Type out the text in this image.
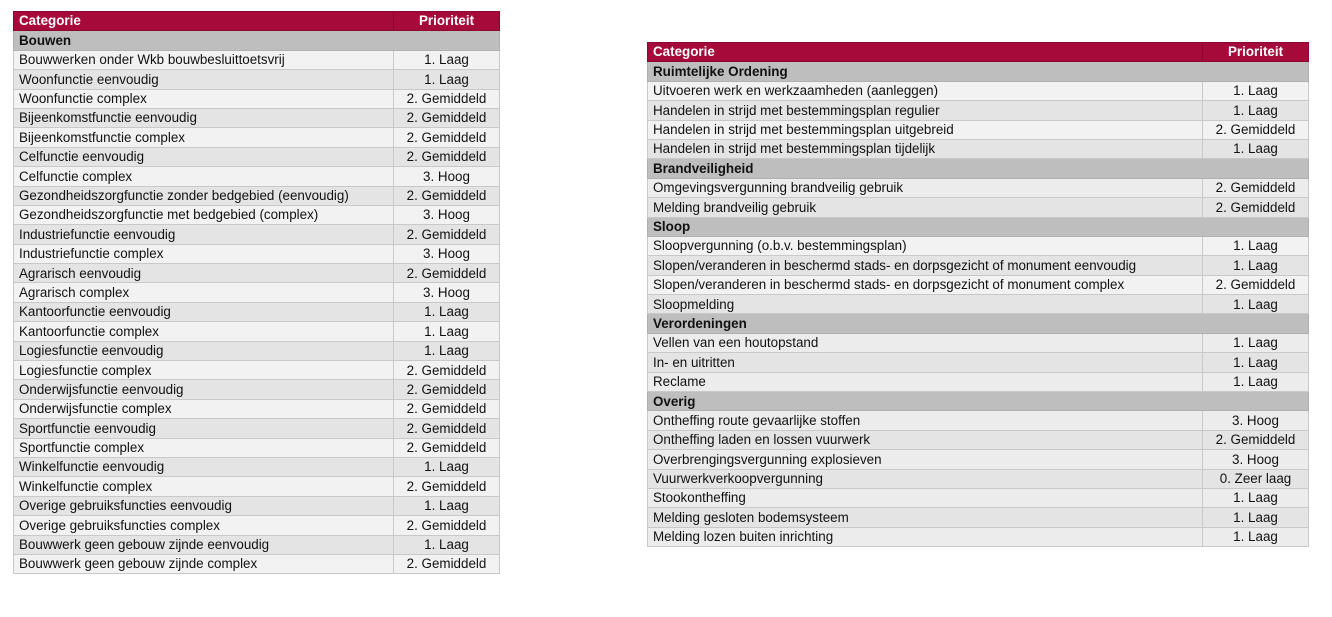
Categorie	Prioriteit
Bouwen	
Bouwwerken onder Wkb bouwbesluittoetsvrij	1. Laag
Woonfunctie eenvoudig	1. Laag
Woonfunctie complex	2. Gemiddeld
Bijeenkomstfunctie eenvoudig	2. Gemiddeld
Bijeenkomstfunctie complex	2. Gemiddeld
Celfunctie eenvoudig	2. Gemiddeld
Celfunctie complex	3. Hoog
Gezondheidszorgfunctie zonder bedgebied (eenvoudig)	2. Gemiddeld
Gezondheidszorgfunctie met bedgebied (complex)	3. Hoog
Industriefunctie eenvoudig	2. Gemiddeld
Industriefunctie complex	3. Hoog
Agrarisch eenvoudig	2. Gemiddeld
Agrarisch complex	3. Hoog
Kantoorfunctie eenvoudig	1. Laag
Kantoorfunctie complex	1. Laag
Logiesfunctie eenvoudig	1. Laag
Logiesfunctie complex	2. Gemiddeld
Onderwijsfunctie eenvoudig	2. Gemiddeld
Onderwijsfunctie complex	2. Gemiddeld
Sportfunctie eenvoudig	2. Gemiddeld
Sportfunctie complex	2. Gemiddeld
Winkelfunctie eenvoudig	1. Laag
Winkelfunctie complex	2. Gemiddeld
Overige gebruiksfuncties eenvoudig	1. Laag
Overige gebruiksfuncties complex	2. Gemiddeld
Bouwwerk geen gebouw zijnde eenvoudig	1. Laag
Bouwwerk geen gebouw zijnde complex	2. Gemiddeld
Categorie	Prioriteit
Ruimtelijke Ordening	
Uitvoeren werk en werkzaamheden (aanleggen)	1. Laag
Handelen in strijd met bestemmingsplan regulier	1. Laag
Handelen in strijd met bestemmingsplan uitgebreid	2. Gemiddeld
Handelen in strijd met bestemmingsplan tijdelijk	1. Laag
Brandveiligheid	
Omgevingsvergunning brandveilig gebruik	2. Gemiddeld
Melding brandveilig gebruik	2. Gemiddeld
Sloop	
Sloopvergunning (o.b.v. bestemmingsplan)	1. Laag
Slopen/veranderen in beschermd stads- en dorpsgezicht of monument eenvoudig	1. Laag
Slopen/veranderen in beschermd stads- en dorpsgezicht of monument complex	2. Gemiddeld
Sloopmelding	1. Laag
Verordeningen	
Vellen van een houtopstand	1. Laag
In- en uitritten	1. Laag
Reclame	1. Laag
Overig	
Ontheffing route gevaarlijke stoffen	3. Hoog
Ontheffing laden en lossen vuurwerk	2. Gemiddeld
Overbrengingsvergunning explosieven	3. Hoog
Vuurwerkverkoopvergunning	0. Zeer laag
Stookontheffing	1. Laag
Melding gesloten bodemsysteem	1. Laag
Melding lozen buiten inrichting	1. Laag
